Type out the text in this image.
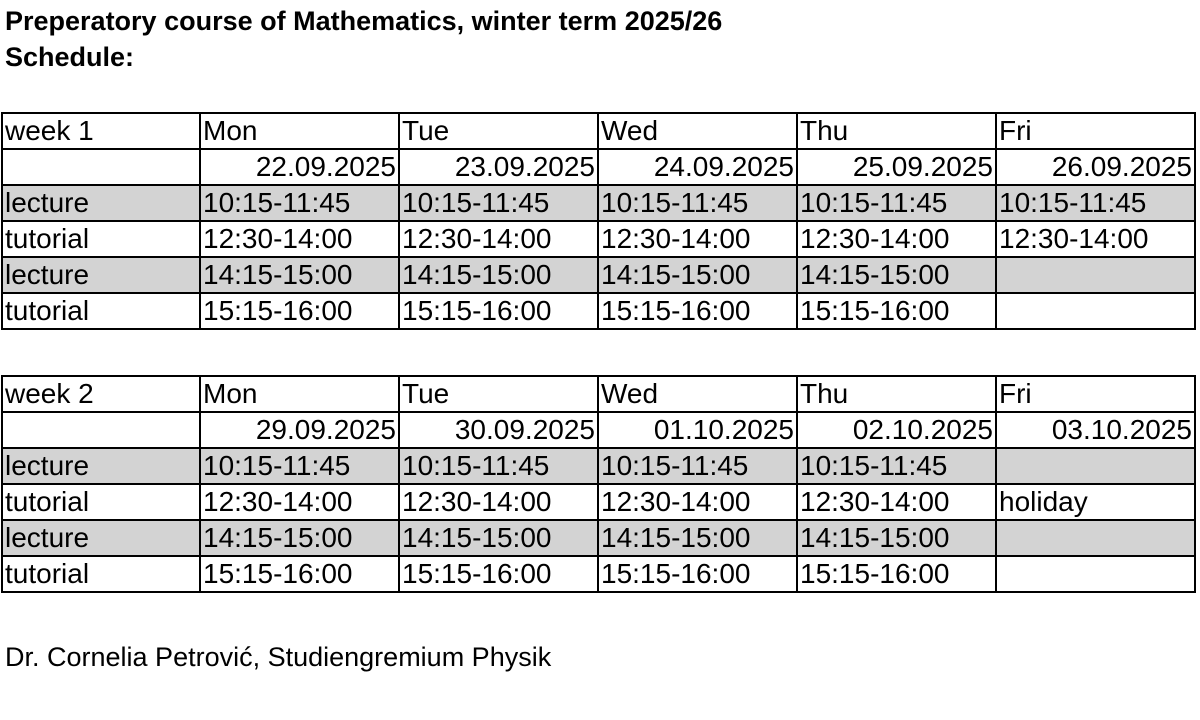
Preperatory course of Mathematics, winter term 2025/26
Schedule:
week 1	Mon	Tue	Wed	Thu	Fri
	22.09.2025	23.09.2025	24.09.2025	25.09.2025	26.09.2025
lecture	10:15-11:45	10:15-11:45	10:15-11:45	10:15-11:45	10:15-11:45
tutorial	12:30-14:00	12:30-14:00	12:30-14:00	12:30-14:00	12:30-14:00
lecture	14:15-15:00	14:15-15:00	14:15-15:00	14:15-15:00	
tutorial	15:15-16:00	15:15-16:00	15:15-16:00	15:15-16:00	
week 2	Mon	Tue	Wed	Thu	Fri
	29.09.2025	30.09.2025	01.10.2025	02.10.2025	03.10.2025
lecture	10:15-11:45	10:15-11:45	10:15-11:45	10:15-11:45	
tutorial	12:30-14:00	12:30-14:00	12:30-14:00	12:30-14:00	holiday
lecture	14:15-15:00	14:15-15:00	14:15-15:00	14:15-15:00	
tutorial	15:15-16:00	15:15-16:00	15:15-16:00	15:15-16:00	
Dr. Cornelia Petrović, Studiengremium Physik
